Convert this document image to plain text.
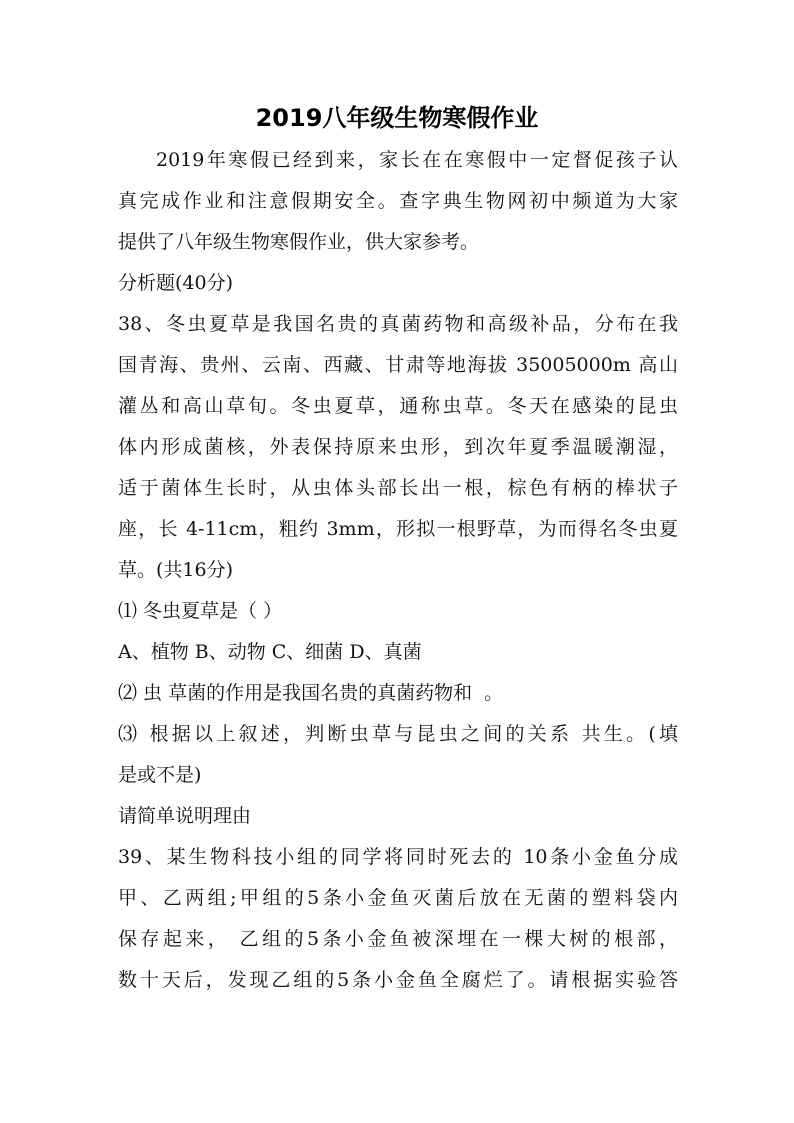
2019八年级生物寒假作业
2019年寒假已经到来，家长在在寒假中一定督促孩子认
真完成作业和注意假期安全。查字典生物网初中频道为大家
提供了八年级生物寒假作业，供大家参考。
分析题(40分)
38、冬虫夏草是我国名贵的真菌药物和高级补品，分布在我
国青海、贵州、云南、西藏、甘肃等地海拔 35005000m 高山
灌丛和高山草旬。冬虫夏草，通称虫草。冬天在感染的昆虫
体内形成菌核，外表保持原来虫形，到次年夏季温暖潮湿，
适于菌体生长时，从虫体头部长出一根，棕色有柄的棒状子
座，长 4-11cm，粗约 3mm，形拟一根野草，为而得名冬虫夏
草。(共16分)
⑴ 冬虫夏草是（ ）
A、植物 B、动物 C、细菌 D、真菌
⑵ 虫 草菌的作用是我国名贵的真菌药物和  。
⑶ 根据以上叙述，判断虫草与昆虫之间的关系 共生。(填
是或不是)
请简单说明理由
39、某生物科技小组的同学将同时死去的 10条小金鱼分成
甲、乙两组;甲组的5条小金鱼灭菌后放在无菌的塑料袋内
保存起来， 乙组的5条小金鱼被深埋在一棵大树的根部，
数十天后，发现乙组的5条小金鱼全腐烂了。请根据实验答
